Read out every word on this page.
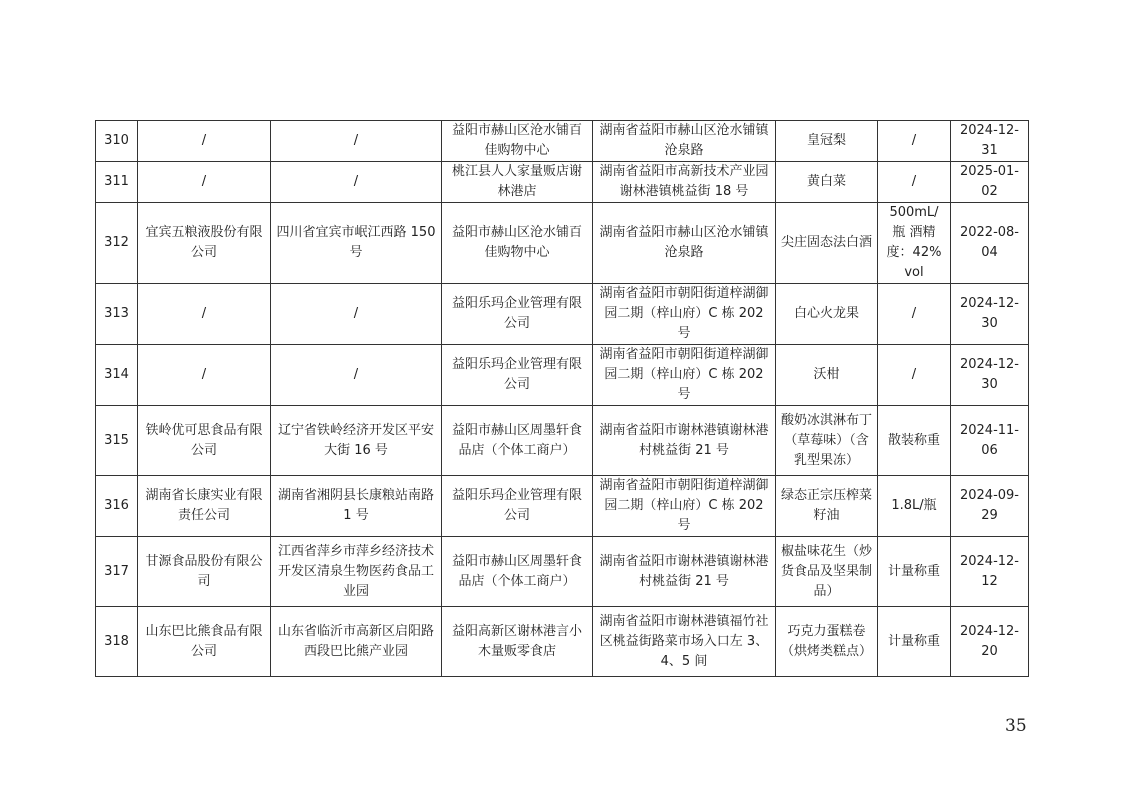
310	/	/	益阳市赫山区沧水铺百佳购物中心	湖南省益阳市赫山区沧水铺镇沧泉路	皇冠梨	/	2024-12-31
311	/	/	桃江县人人家量贩店谢林港店	湖南省益阳市高新技术产业园谢林港镇桃益街 18 号	黄白菜	/	2025-01-02
312	宜宾五粮液股份有限公司	四川省宜宾市岷江西路 150 号	益阳市赫山区沧水铺百佳购物中心	湖南省益阳市赫山区沧水铺镇沧泉路	尖庄固态法白酒	500mL/瓶 酒精度：42%vol	2022-08-04
313	/	/	益阳乐玛企业管理有限公司	湖南省益阳市朝阳街道梓湖御园二期（梓山府）C 栋 202 号	白心火龙果	/	2024-12-30
314	/	/	益阳乐玛企业管理有限公司	湖南省益阳市朝阳街道梓湖御园二期（梓山府）C 栋 202 号	沃柑	/	2024-12-30
315	铁岭优可思食品有限公司	辽宁省铁岭经济开发区平安大街 16 号	益阳市赫山区周墨轩食品店（个体工商户）	湖南省益阳市谢林港镇谢林港村桃益街 21 号	酸奶冰淇淋布丁（草莓味）（含乳型果冻）	散装称重	2024-11-06
316	湖南省长康实业有限责任公司	湖南省湘阴县长康粮站南路 1 号	益阳乐玛企业管理有限公司	湖南省益阳市朝阳街道梓湖御园二期（梓山府）C 栋 202 号	绿态正宗压榨菜籽油	1.8L/瓶	2024-09-29
317	甘源食品股份有限公司	江西省萍乡市萍乡经济技术开发区清泉生物医药食品工业园	益阳市赫山区周墨轩食品店（个体工商户）	湖南省益阳市谢林港镇谢林港村桃益街 21 号	椒盐味花生（炒货食品及坚果制品）	计量称重	2024-12-12
318	山东巴比熊食品有限公司	山东省临沂市高新区启阳路西段巴比熊产业园	益阳高新区谢林港言小木量贩零食店	湖南省益阳市谢林港镇福竹社区桃益街路菜市场入口左 3、4、5 间	巧克力蛋糕卷（烘烤类糕点）	计量称重	2024-12-20
35
